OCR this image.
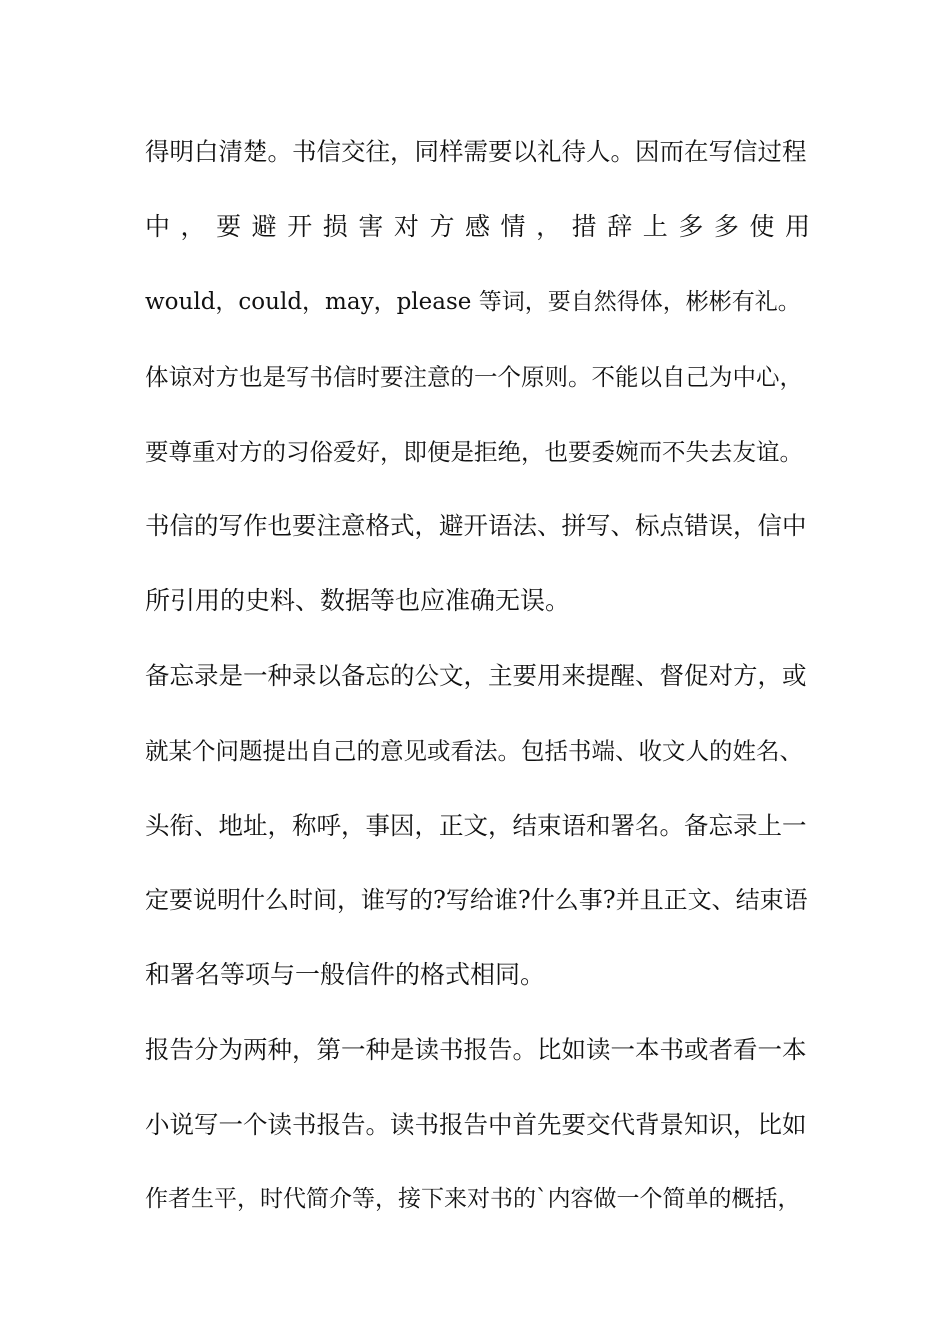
得明白清楚。书信交往，同样需要以礼待人。因而在写信过程
中，要避开损害对方感情，措辞上多多使用
would，could，may，please 等词，要自然得体，彬彬有礼。
体谅对方也是写书信时要注意的一个原则。不能以自己为中心，
要尊重对方的习俗爱好，即便是拒绝，也要委婉而不失去友谊。
书信的写作也要注意格式，避开语法、拼写、标点错误，信中
所引用的史料、数据等也应准确无误。
备忘录是一种录以备忘的公文，主要用来提醒、督促对方，或
就某个问题提出自己的意见或看法。包括书端、收文人的姓名、
头衔、地址，称呼，事因，正文，结束语和署名。备忘录上一
定要说明什么时间，谁写的?写给谁?什么事?并且正文、结束语
和署名等项与一般信件的格式相同。
报告分为两种，第一种是读书报告。比如读一本书或者看一本
小说写一个读书报告。读书报告中首先要交代背景知识，比如
作者生平，时代简介等，接下来对书的`内容做一个简单的概括，
